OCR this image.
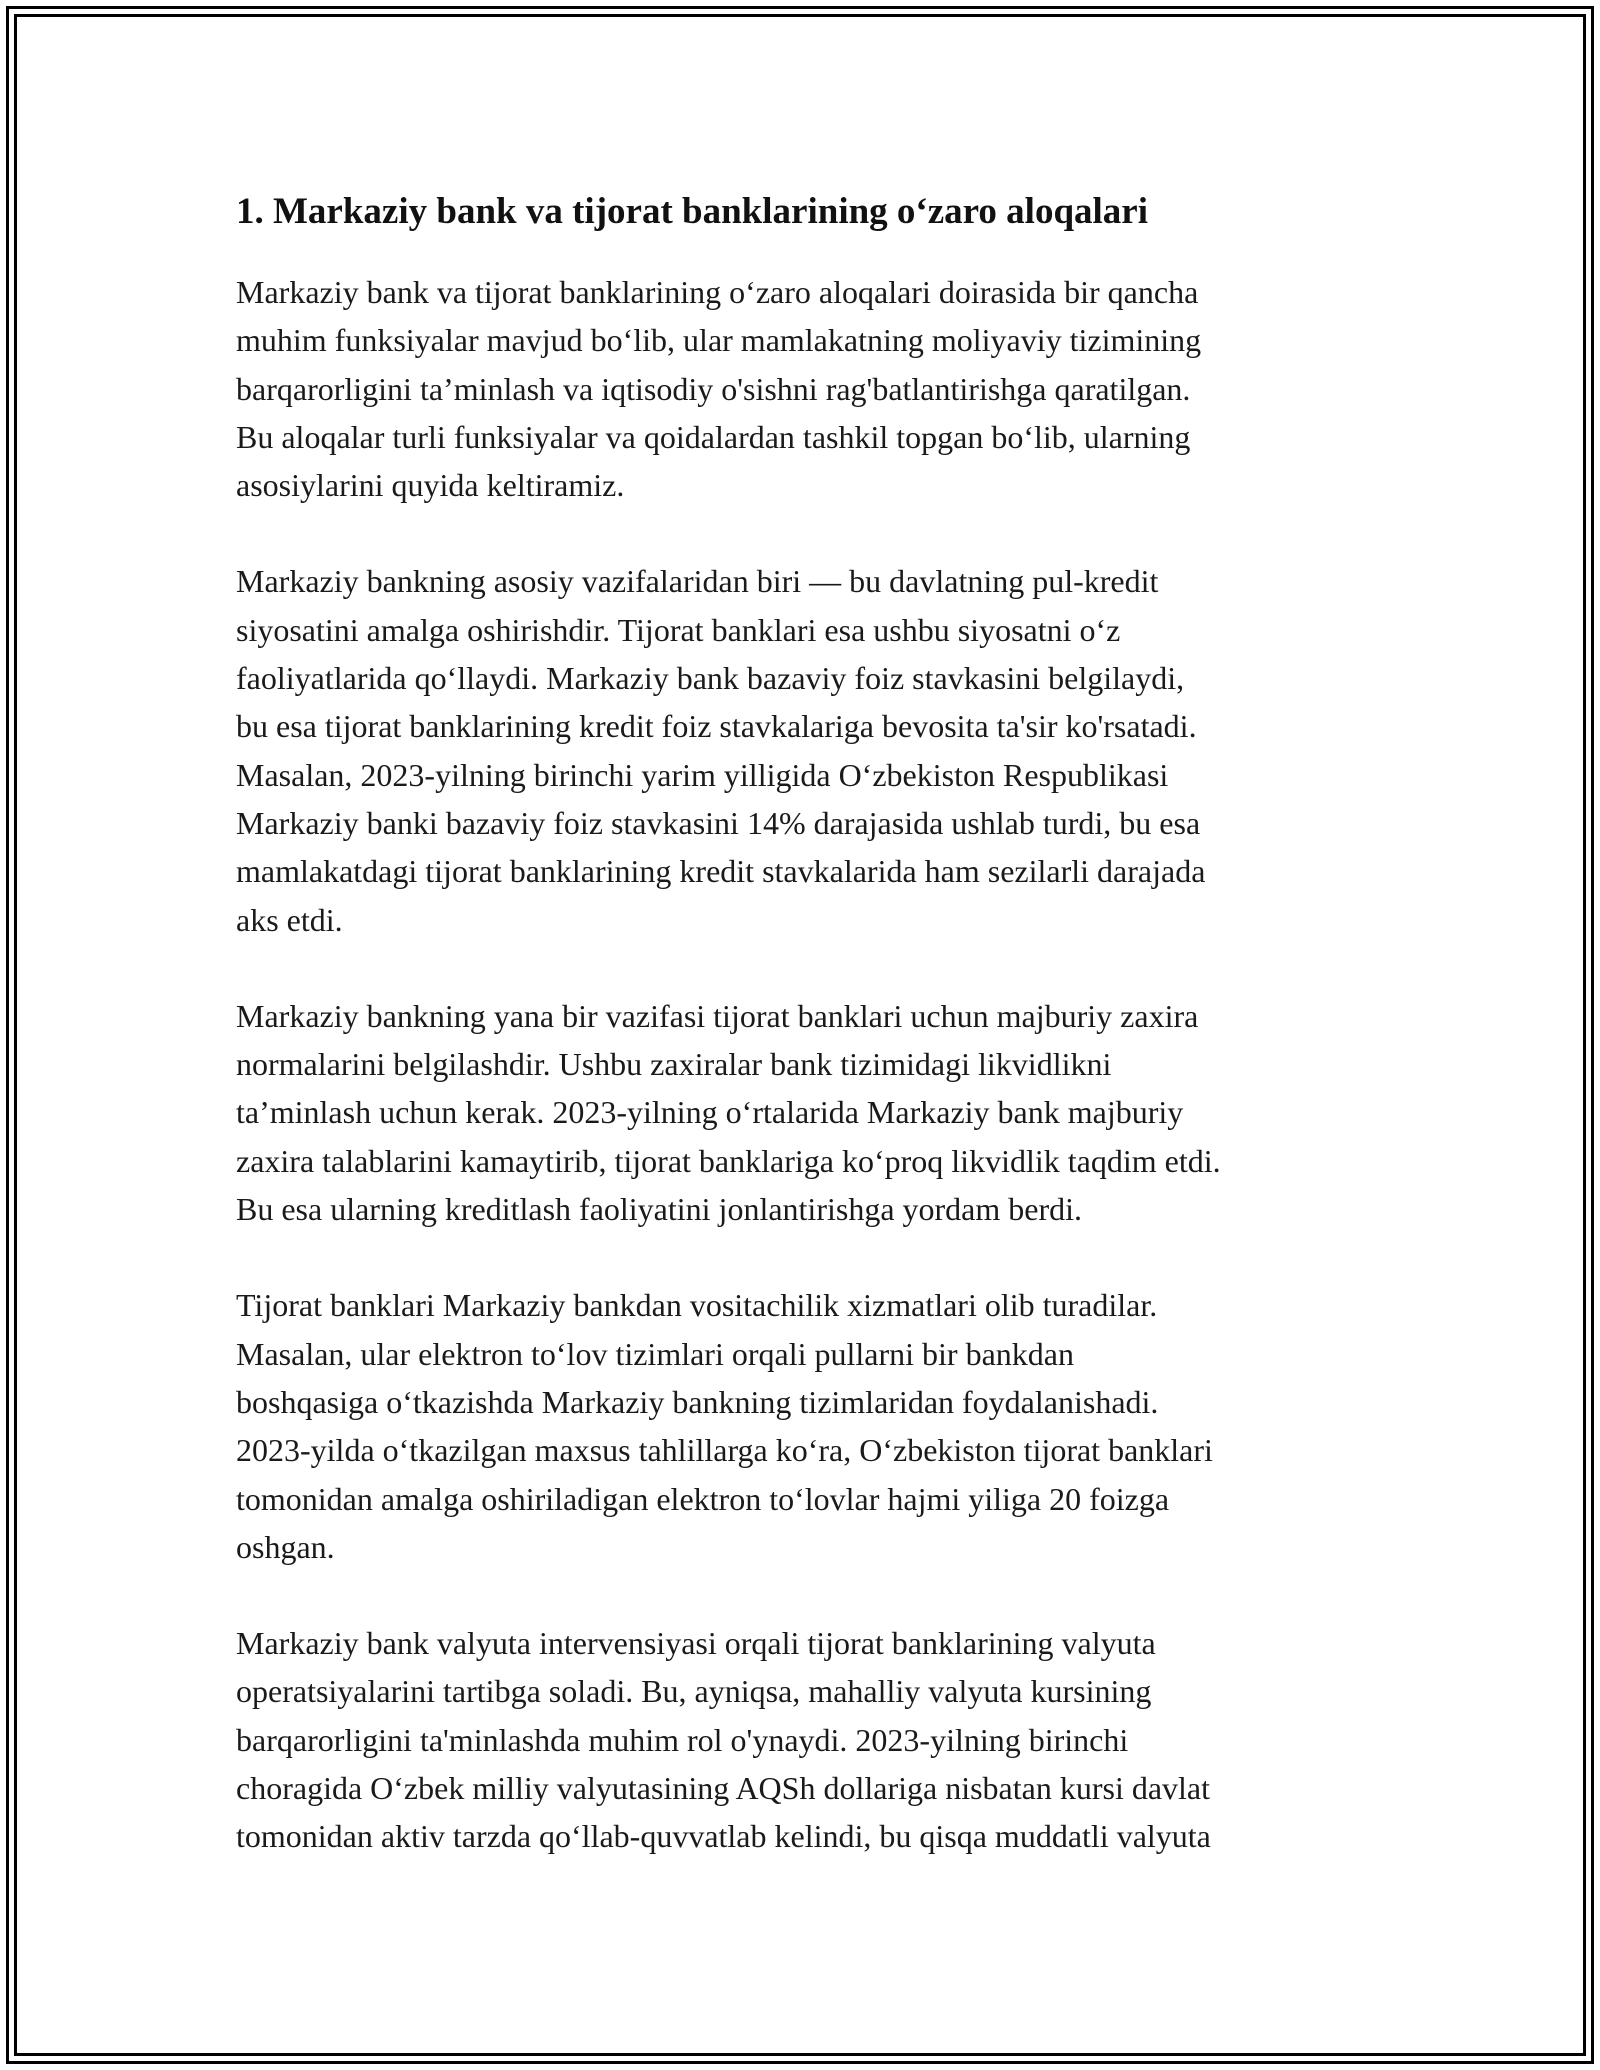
1. Markaziy bank va tijorat banklarining o‘zaro aloqalari

Markaziy bank va tijorat banklarining o‘zaro aloqalari doirasida bir qancha
muhim funksiyalar mavjud bo‘lib, ular mamlakatning moliyaviy tizimining
barqarorligini ta’minlash va iqtisodiy o'sishni rag'batlantirishga qaratilgan.
Bu aloqalar turli funksiyalar va qoidalardan tashkil topgan bo‘lib, ularning
asosiylarini quyida keltiramiz.

Markaziy bankning asosiy vazifalaridan biri — bu davlatning pul-kredit
siyosatini amalga oshirishdir. Tijorat banklari esa ushbu siyosatni o‘z
faoliyatlarida qo‘llaydi. Markaziy bank bazaviy foiz stavkasini belgilaydi,
bu esa tijorat banklarining kredit foiz stavkalariga bevosita ta'sir ko'rsatadi.
Masalan, 2023-yilning birinchi yarim yilligida O‘zbekiston Respublikasi
Markaziy banki bazaviy foiz stavkasini 14% darajasida ushlab turdi, bu esa
mamlakatdagi tijorat banklarining kredit stavkalarida ham sezilarli darajada
aks etdi.

Markaziy bankning yana bir vazifasi tijorat banklari uchun majburiy zaxira
normalarini belgilashdir. Ushbu zaxiralar bank tizimidagi likvidlikni
ta’minlash uchun kerak. 2023-yilning o‘rtalarida Markaziy bank majburiy
zaxira talablarini kamaytirib, tijorat banklariga ko‘proq likvidlik taqdim etdi.
Bu esa ularning kreditlash faoliyatini jonlantirishga yordam berdi.

Tijorat banklari Markaziy bankdan vositachilik xizmatlari olib turadilar.
Masalan, ular elektron to‘lov tizimlari orqali pullarni bir bankdan
boshqasiga o‘tkazishda Markaziy bankning tizimlaridan foydalanishadi.
2023-yilda o‘tkazilgan maxsus tahlillarga ko‘ra, O‘zbekiston tijorat banklari
tomonidan amalga oshiriladigan elektron to‘lovlar hajmi yiliga 20 foizga
oshgan.

Markaziy bank valyuta intervensiyasi orqali tijorat banklarining valyuta
operatsiyalarini tartibga soladi. Bu, ayniqsa, mahalliy valyuta kursining
barqarorligini ta'minlashda muhim rol o'ynaydi. 2023-yilning birinchi
choragida O‘zbek milliy valyutasining AQSh dollariga nisbatan kursi davlat
tomonidan aktiv tarzda qo‘llab-quvvatlab kelindi, bu qisqa muddatli valyuta
